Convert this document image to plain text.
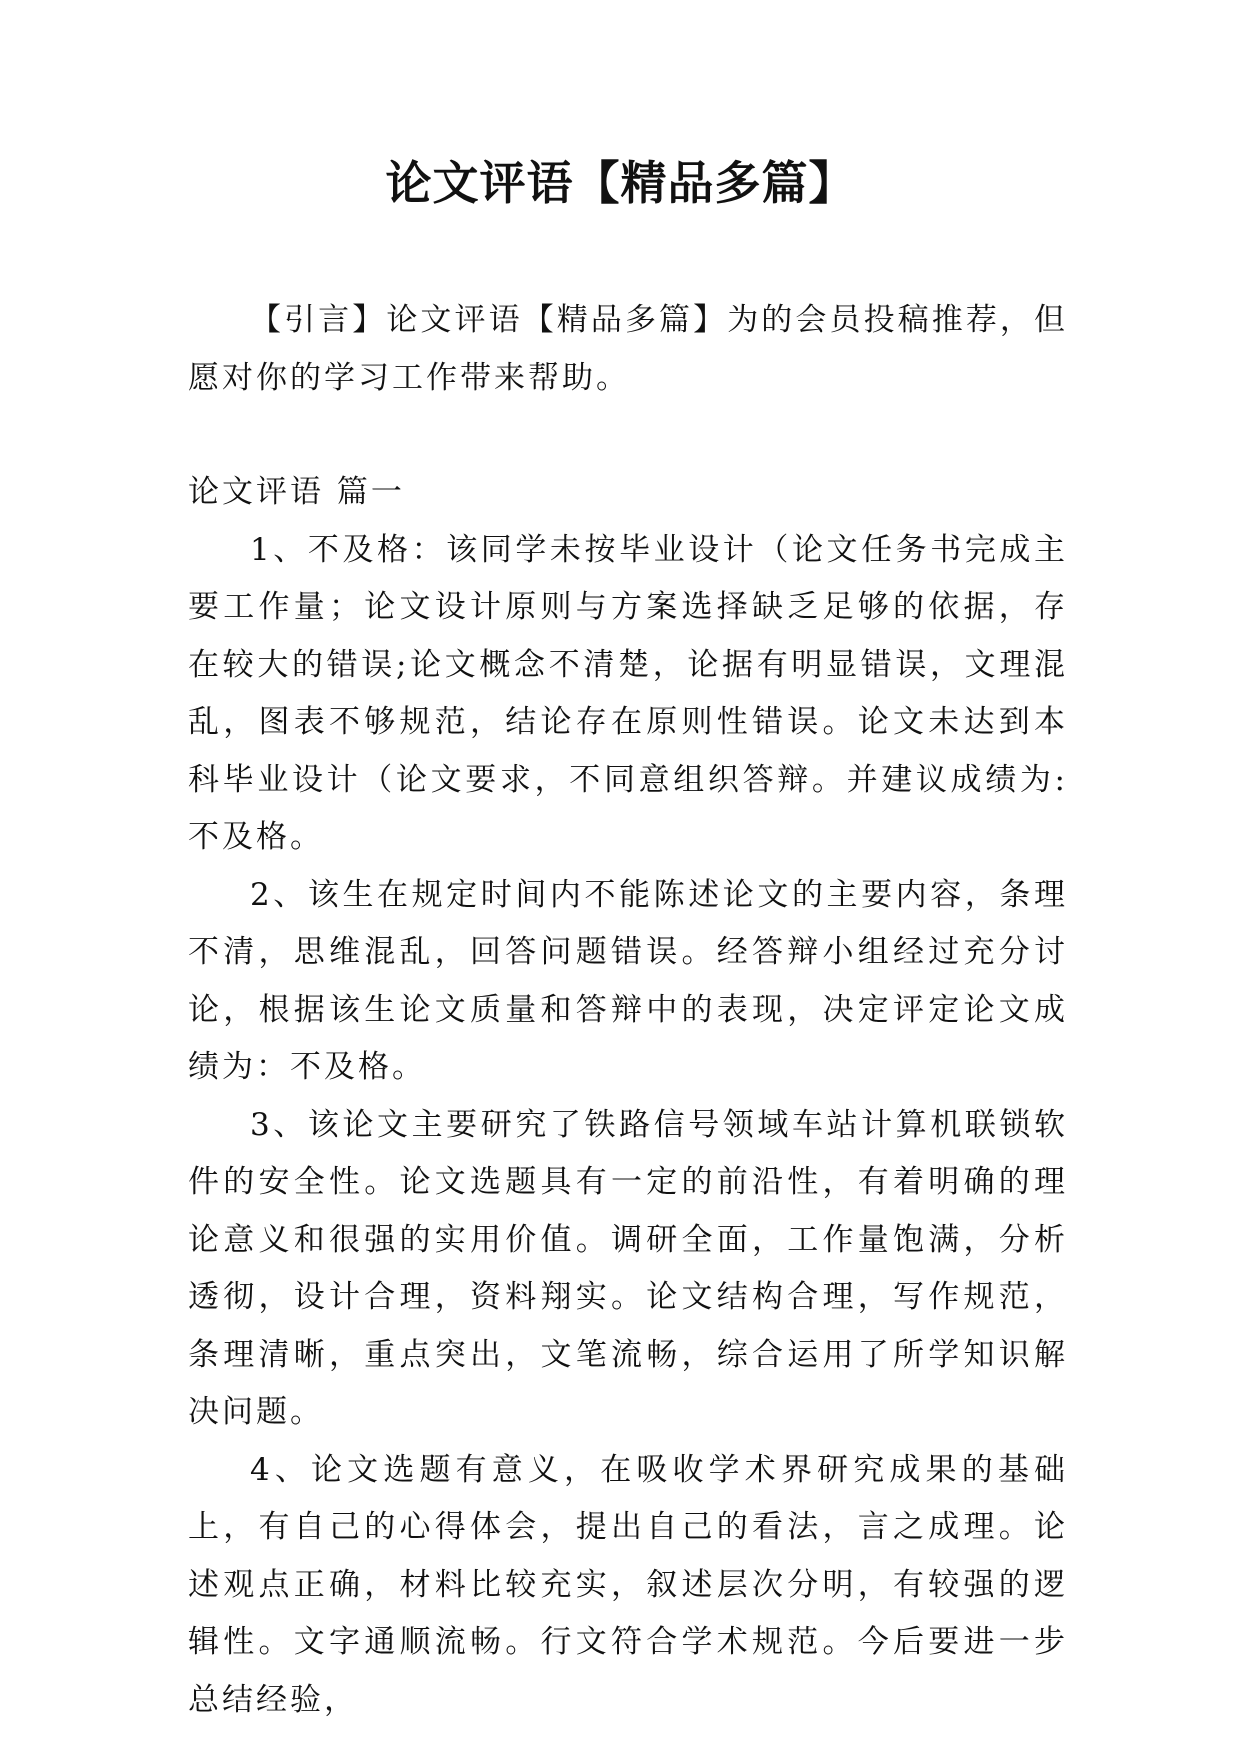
论文评语【精品多篇】

【引言】论文评语【精品多篇】为的会员投稿推荐，但愿对你的学习工作带来帮助。

论文评语 篇一

1、不及格：该同学未按毕业设计（论文任务书完成主要工作量；论文设计原则与方案选择缺乏足够的依据，存在较大的错误;论文概念不清楚，论据有明显错误，文理混乱，图表不够规范，结论存在原则性错误。论文未达到本科毕业设计（论文要求，不同意组织答辩。并建议成绩为:不及格。

2、该生在规定时间内不能陈述论文的主要内容，条理不清，思维混乱，回答问题错误。经答辩小组经过充分讨论，根据该生论文质量和答辩中的表现，决定评定论文成绩为：不及格。

3、该论文主要研究了铁路信号领域车站计算机联锁软件的安全性。论文选题具有一定的前沿性，有着明确的理论意义和很强的实用价值。调研全面，工作量饱满，分析透彻，设计合理，资料翔实。论文结构合理，写作规范，条理清晰，重点突出，文笔流畅，综合运用了所学知识解决问题。

4、论文选题有意义，在吸收学术界研究成果的基础上，有自己的心得体会，提出自己的看法，言之成理。论述观点正确，材料比较充实，叙述层次分明，有较强的逻辑性。文字通顺流畅。行文符合学术规范。今后要进一步总结经验，
